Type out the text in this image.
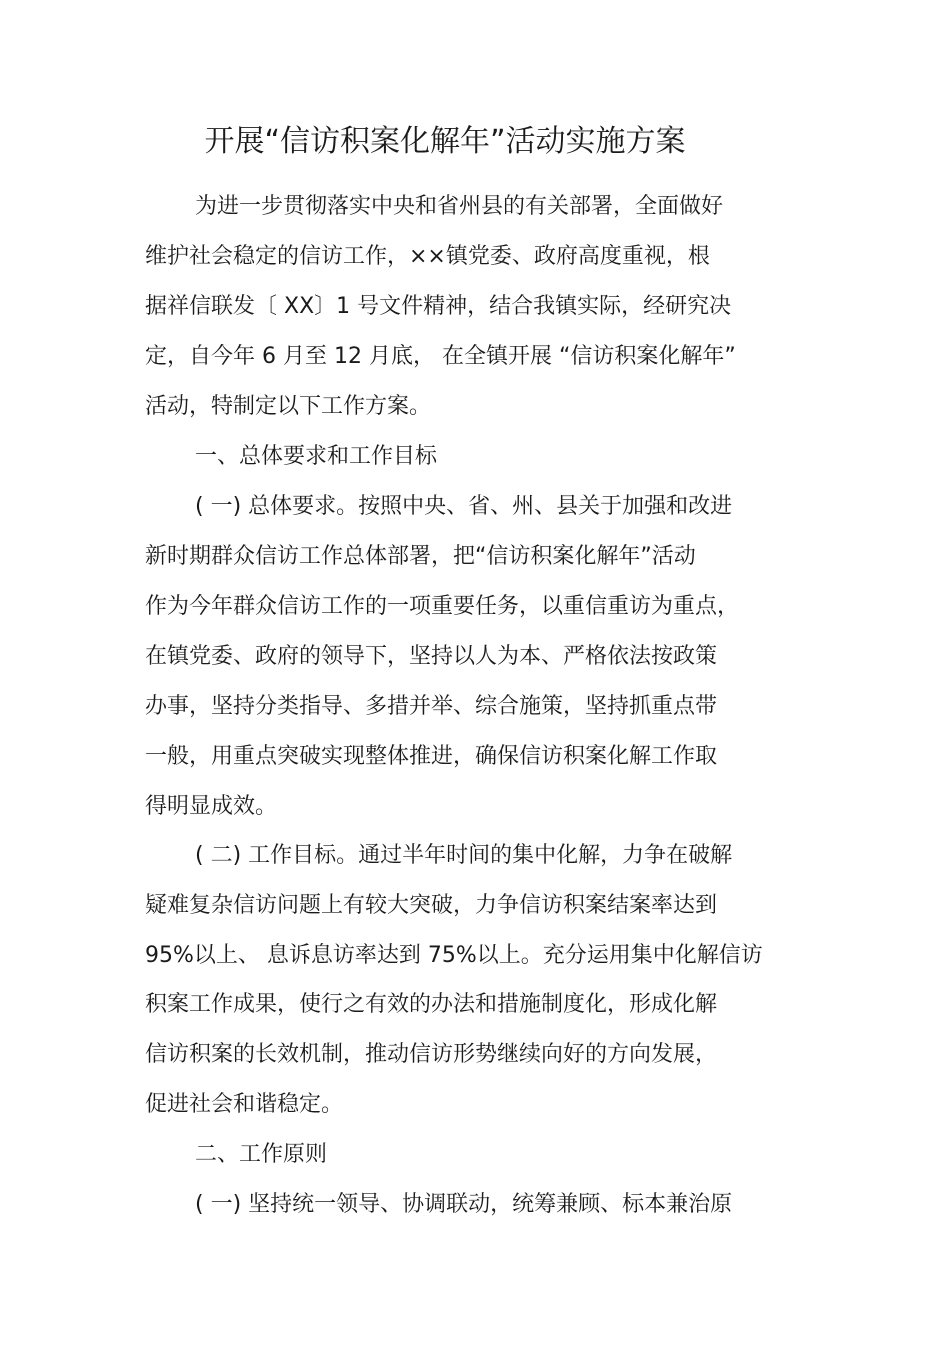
开展“信访积案化解年”活动实施方案
为进一步贯彻落实中央和省州县的有关部署，全面做好
维护社会稳定的信访工作，××镇党委、政府高度重视，根
据祥信联发〔 XX〕1 号文件精神，结合我镇实际，经研究决
定，自今年 6 月至 12 月底， 在全镇开展 “信访积案化解年”
活动，特制定以下工作方案。
一、总体要求和工作目标
( 一) 总体要求。按照中央、省、州、县关于加强和改进
新时期群众信访工作总体部署，把“信访积案化解年”活动
作为今年群众信访工作的一项重要任务，以重信重访为重点，
在镇党委、政府的领导下，坚持以人为本、严格依法按政策
办事，坚持分类指导、多措并举、综合施策，坚持抓重点带
一般，用重点突破实现整体推进，确保信访积案化解工作取
得明显成效。
( 二) 工作目标。通过半年时间的集中化解，力争在破解
疑难复杂信访问题上有较大突破，力争信访积案结案率达到
95%以上、 息诉息访率达到 75%以上。充分运用集中化解信访
积案工作成果，使行之有效的办法和措施制度化，形成化解
信访积案的长效机制，推动信访形势继续向好的方向发展，
促进社会和谐稳定。
二、工作原则
( 一) 坚持统一领导、协调联动，统筹兼顾、标本兼治原
